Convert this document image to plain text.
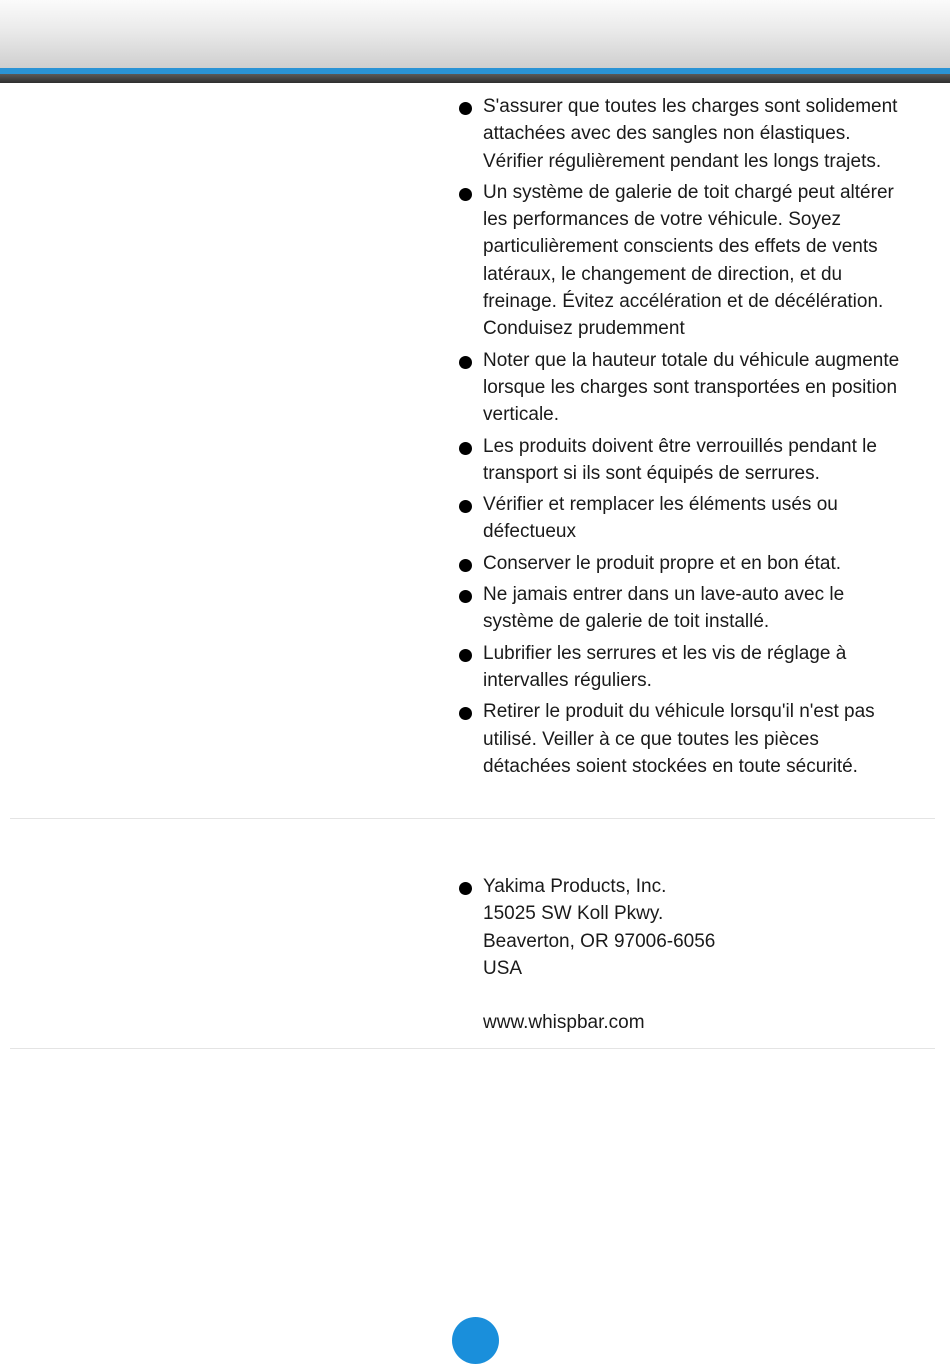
S'assurer que toutes les charges sont solidement attachées avec des sangles non élastiques. Vérifier régulièrement pendant les longs trajets.
Un système de galerie de toit chargé peut altérer les performances de votre véhicule. Soyez particulièrement conscients des effets de vents latéraux, le changement de direction, et du freinage. Évitez accélération et de décélération. Conduisez prudemment
Noter que la hauteur totale du véhicule augmente lorsque les charges sont transportées en position verticale.
Les produits doivent être verrouillés pendant le transport si ils sont équipés de serrures.
Vérifier et remplacer les éléments usés ou défectueux
Conserver le produit propre et en bon état.
Ne jamais entrer dans un lave-auto avec le système de galerie de toit installé.
Lubrifier les serrures et les vis de réglage à intervalles réguliers.
Retirer le produit du véhicule lorsqu'il n'est pas utilisé. Veiller à ce que toutes les pièces détachées soient stockées en toute sécurité.
Yakima Products, Inc.
15025 SW Koll Pkwy.
Beaverton, OR 97006-6056
USA
www.whispbar.com
